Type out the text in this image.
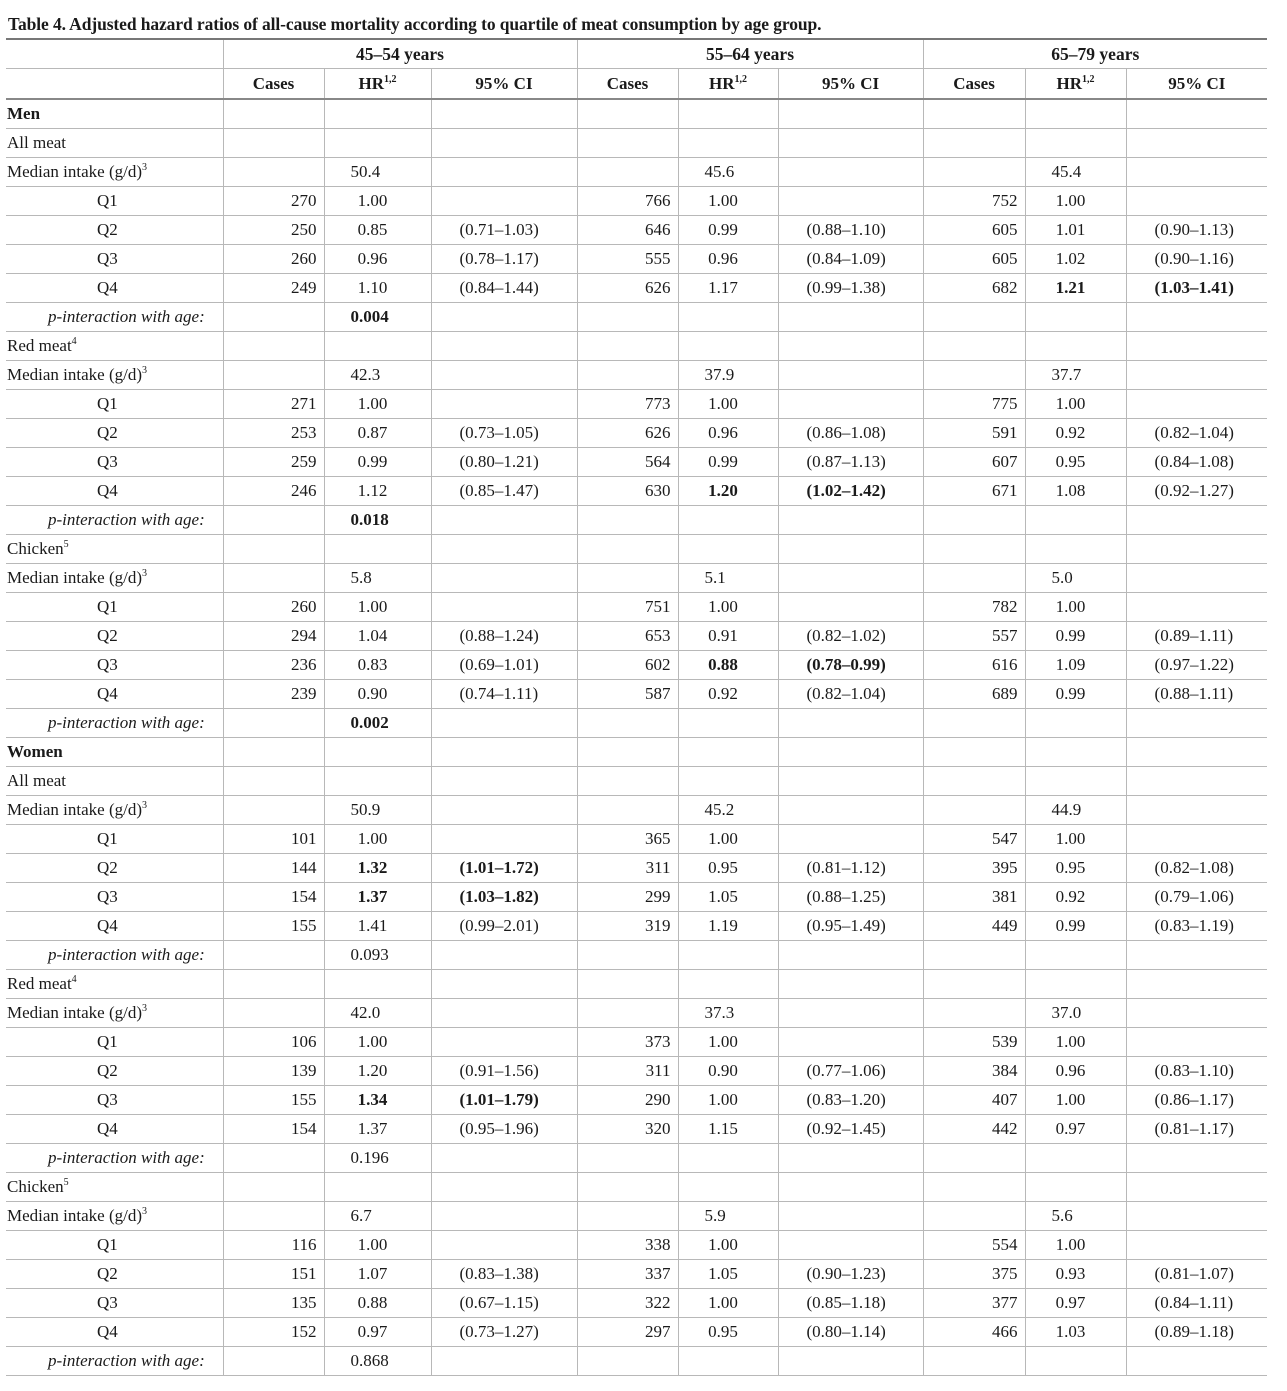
Table 4. Adjusted hazard ratios of all-cause mortality according to quartile of meat consumption by age group.
	45–54 years			55–64 years			65–79 years		
	Cases	HR$^{1,2}$	95% CI	Cases	HR$^{1,2}$	95% CI	Cases	HR$^{1,2}$	95% CI
Men									
All meat									
Median intake $(g/d)^3$		50.4			45.6			45.4	
Q1	270	1.00		766	1.00		752	1.00	
Q2	250	0.85	(0.71–1.03)	646	0.99	(0.88–1.10)	605	1.01	(0.90–1.13)
Q3	260	0.96	(0.78–1.17)	555	0.96	(0.84–1.09)	605	1.02	(0.90–1.16)
Q4	249	1.10	(0.84–1.44)	626	1.17	(0.99–1.38)	682	1.21	(1.03–1.41)
p-interaction with age:		0.004							
Red meat$^4$									
Median intake $(g/d)^3$		42.3			37.9			37.7	
Q1	271	1.00		773	1.00		775	1.00	
Q2	253	0.87	(0.73–1.05)	626	0.96	(0.86–1.08)	591	0.92	(0.82–1.04)
Q3	259	0.99	(0.80–1.21)	564	0.99	(0.87–1.13)	607	0.95	(0.84–1.08)
Q4	246	1.12	(0.85–1.47)	630	1.20	(1.02–1.42)	671	1.08	(0.92–1.27)
p-interaction with age:		0.018							
Chicken$^5$									
Median intake $(g/d)^3$		5.8			5.1			5.0	
Q1	260	1.00		751	1.00		782	1.00	
Q2	294	1.04	(0.88–1.24)	653	0.91	(0.82–1.02)	557	0.99	(0.89–1.11)
Q3	236	0.83	(0.69–1.01)	602	0.88	(0.78–0.99)	616	1.09	(0.97–1.22)
Q4	239	0.90	(0.74–1.11)	587	0.92	(0.82–1.04)	689	0.99	(0.88–1.11)
p-interaction with age:		0.002							
Women									
All meat									
Median intake $(g/d)^3$		50.9			45.2			44.9	
Q1	101	1.00		365	1.00		547	1.00	
Q2	144	1.32	(1.01–1.72)	311	0.95	(0.81–1.12)	395	0.95	(0.82–1.08)
Q3	154	1.37	(1.03–1.82)	299	1.05	(0.88–1.25)	381	0.92	(0.79–1.06)
Q4	155	1.41	(0.99–2.01)	319	1.19	(0.95–1.49)	449	0.99	(0.83–1.19)
p-interaction with age:		0.093							
Red meat$^4$									
Median intake $(g/d)^3$		42.0			37.3			37.0	
Q1	106	1.00		373	1.00		539	1.00	
Q2	139	1.20	(0.91–1.56)	311	0.90	(0.77–1.06)	384	0.96	(0.83–1.10)
Q3	155	1.34	(1.01–1.79)	290	1.00	(0.83–1.20)	407	1.00	(0.86–1.17)
Q4	154	1.37	(0.95–1.96)	320	1.15	(0.92–1.45)	442	0.97	(0.81–1.17)
p-interaction with age:		0.196							
Chicken$^5$									
Median intake $(g/d)^3$		6.7			5.9			5.6	
Q1	116	1.00		338	1.00		554	1.00	
Q2	151	1.07	(0.83–1.38)	337	1.05	(0.90–1.23)	375	0.93	(0.81–1.07)
Q3	135	0.88	(0.67–1.15)	322	1.00	(0.85–1.18)	377	0.97	(0.84–1.11)
Q4	152	0.97	(0.73–1.27)	297	0.95	(0.80–1.14)	466	1.03	(0.89–1.18)
p-interaction with age:		0.868							
